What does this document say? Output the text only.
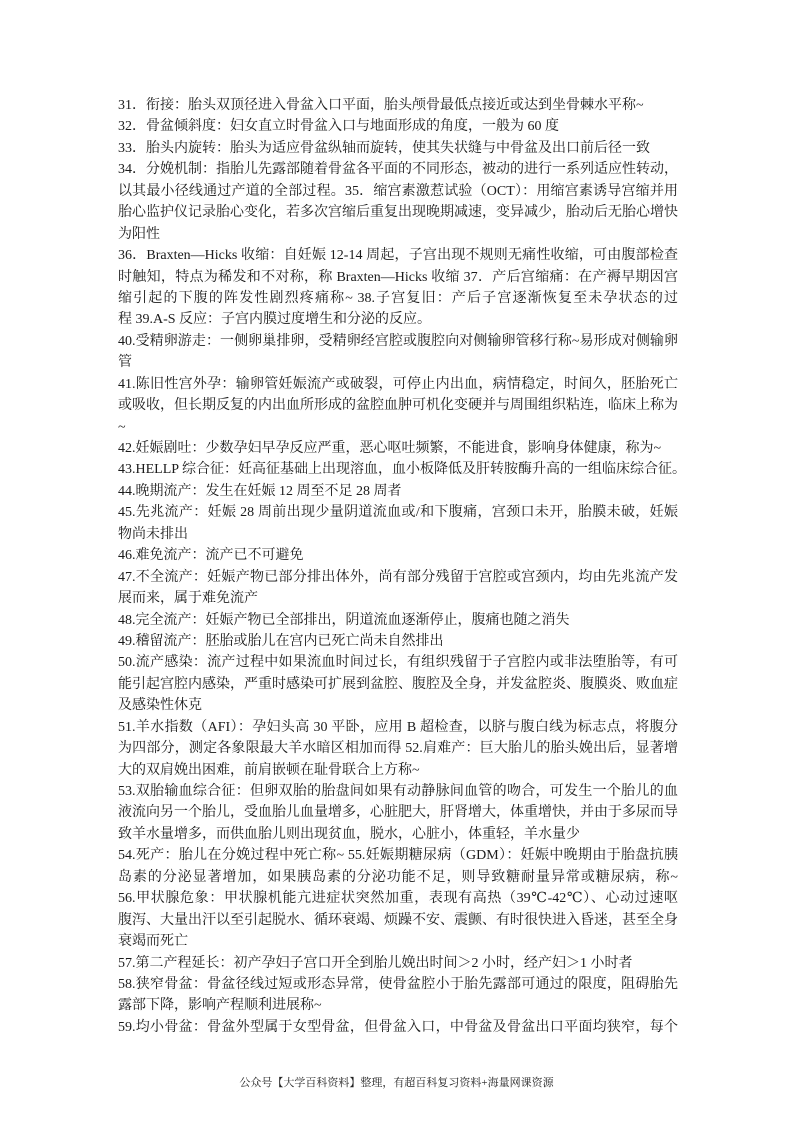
31．衔接：胎头双顶径进入骨盆入口平面，胎头颅骨最低点接近或达到坐骨棘水平称~
32．骨盆倾斜度：妇女直立时骨盆入口与地面形成的角度，一般为 60 度
33．胎头内旋转：胎头为适应骨盆纵轴而旋转，使其失状缝与中骨盆及出口前后径一致
34．分娩机制：指胎儿先露部随着骨盆各平面的不同形态，被动的进行一系列适应性转动，
以其最小径线通过产道的全部过程。35．缩宫素激惹试验（OCT）：用缩宫素诱导宫缩并用
胎心监护仪记录胎心变化，若多次宫缩后重复出现晚期减速，变异减少，胎动后无胎心增快
为阳性
36．Braxten—Hicks 收缩：自妊娠 12-14 周起，子宫出现不规则无痛性收缩，可由腹部检查
时触知，特点为稀发和不对称，称 Braxten—Hicks 收缩 37．产后宫缩痛：在产褥早期因宫
缩引起的下腹的阵发性剧烈疼痛称~ 38.子宫复旧：产后子宫逐渐恢复至未孕状态的过
程 39.A-S 反应：子宫内膜过度增生和分泌的反应。
40.受精卵游走：一侧卵巢排卵，受精卵经宫腔或腹腔向对侧输卵管移行称~易形成对侧输卵
管
41.陈旧性宫外孕：输卵管妊娠流产或破裂，可停止内出血，病情稳定，时间久，胚胎死亡
或吸收，但长期反复的内出血所形成的盆腔血肿可机化变硬并与周围组织粘连，临床上称为
~
42.妊娠剧吐：少数孕妇早孕反应严重，恶心呕吐频繁，不能进食，影响身体健康，称为~
43.HELLP 综合征：妊高征基础上出现溶血，血小板降低及肝转胺酶升高的一组临床综合征。
44.晚期流产：发生在妊娠 12 周至不足 28 周者
45.先兆流产：妊娠 28 周前出现少量阴道流血或/和下腹痛，宫颈口未开，胎膜未破，妊娠
物尚未排出
46.难免流产：流产已不可避免
47.不全流产：妊娠产物已部分排出体外，尚有部分残留于宫腔或宫颈内，均由先兆流产发
展而来，属于难免流产
48.完全流产：妊娠产物已全部排出，阴道流血逐渐停止，腹痛也随之消失
49.稽留流产：胚胎或胎儿在宫内已死亡尚未自然排出
50.流产感染：流产过程中如果流血时间过长，有组织残留于子宫腔内或非法堕胎等，有可
能引起宫腔内感染，严重时感染可扩展到盆腔、腹腔及全身，并发盆腔炎、腹膜炎、败血症
及感染性休克
51.羊水指数（AFI）：孕妇头高 30 平卧，应用 B 超检查，以脐与腹白线为标志点，将腹分
为四部分，测定各象限最大羊水暗区相加而得 52.肩难产：巨大胎儿的胎头娩出后，显著增
大的双肩娩出困难，前肩嵌顿在耻骨联合上方称~
53.双胎输血综合征：但卵双胎的胎盘间如果有动静脉间血管的吻合，可发生一个胎儿的血
液流向另一个胎儿，受血胎儿血量增多，心脏肥大，肝肾增大，体重增快，并由于多尿而导
致羊水量增多，而供血胎儿则出现贫血，脱水，心脏小，体重轻，羊水量少
54.死产：胎儿在分娩过程中死亡称~ 55.妊娠期糖尿病（GDM）：妊娠中晚期由于胎盘抗胰
岛素的分泌显著增加，如果胰岛素的分泌功能不足，则导致糖耐量异常或糖尿病，称~
56.甲状腺危象：甲状腺机能亢进症状突然加重，表现有高热（39℃-42℃）、心动过速呕
腹泻、大量出汗以至引起脱水、循环衰竭、烦躁不安、震颤、有时很快进入昏迷，甚至全身
衰竭而死亡
57.第二产程延长：初产孕妇子宫口开全到胎儿娩出时间＞2 小时，经产妇＞1 小时者
58.狭窄骨盆：骨盆径线过短或形态异常，使骨盆腔小于胎先露部可通过的限度，阻碍胎先
露部下降，影响产程顺利进展称~
59.均小骨盆：骨盆外型属于女型骨盆，但骨盆入口，中骨盆及骨盆出口平面均狭窄，每个
公众号【大学百科资料】整理，有超百科复习资料+海量网课资源
